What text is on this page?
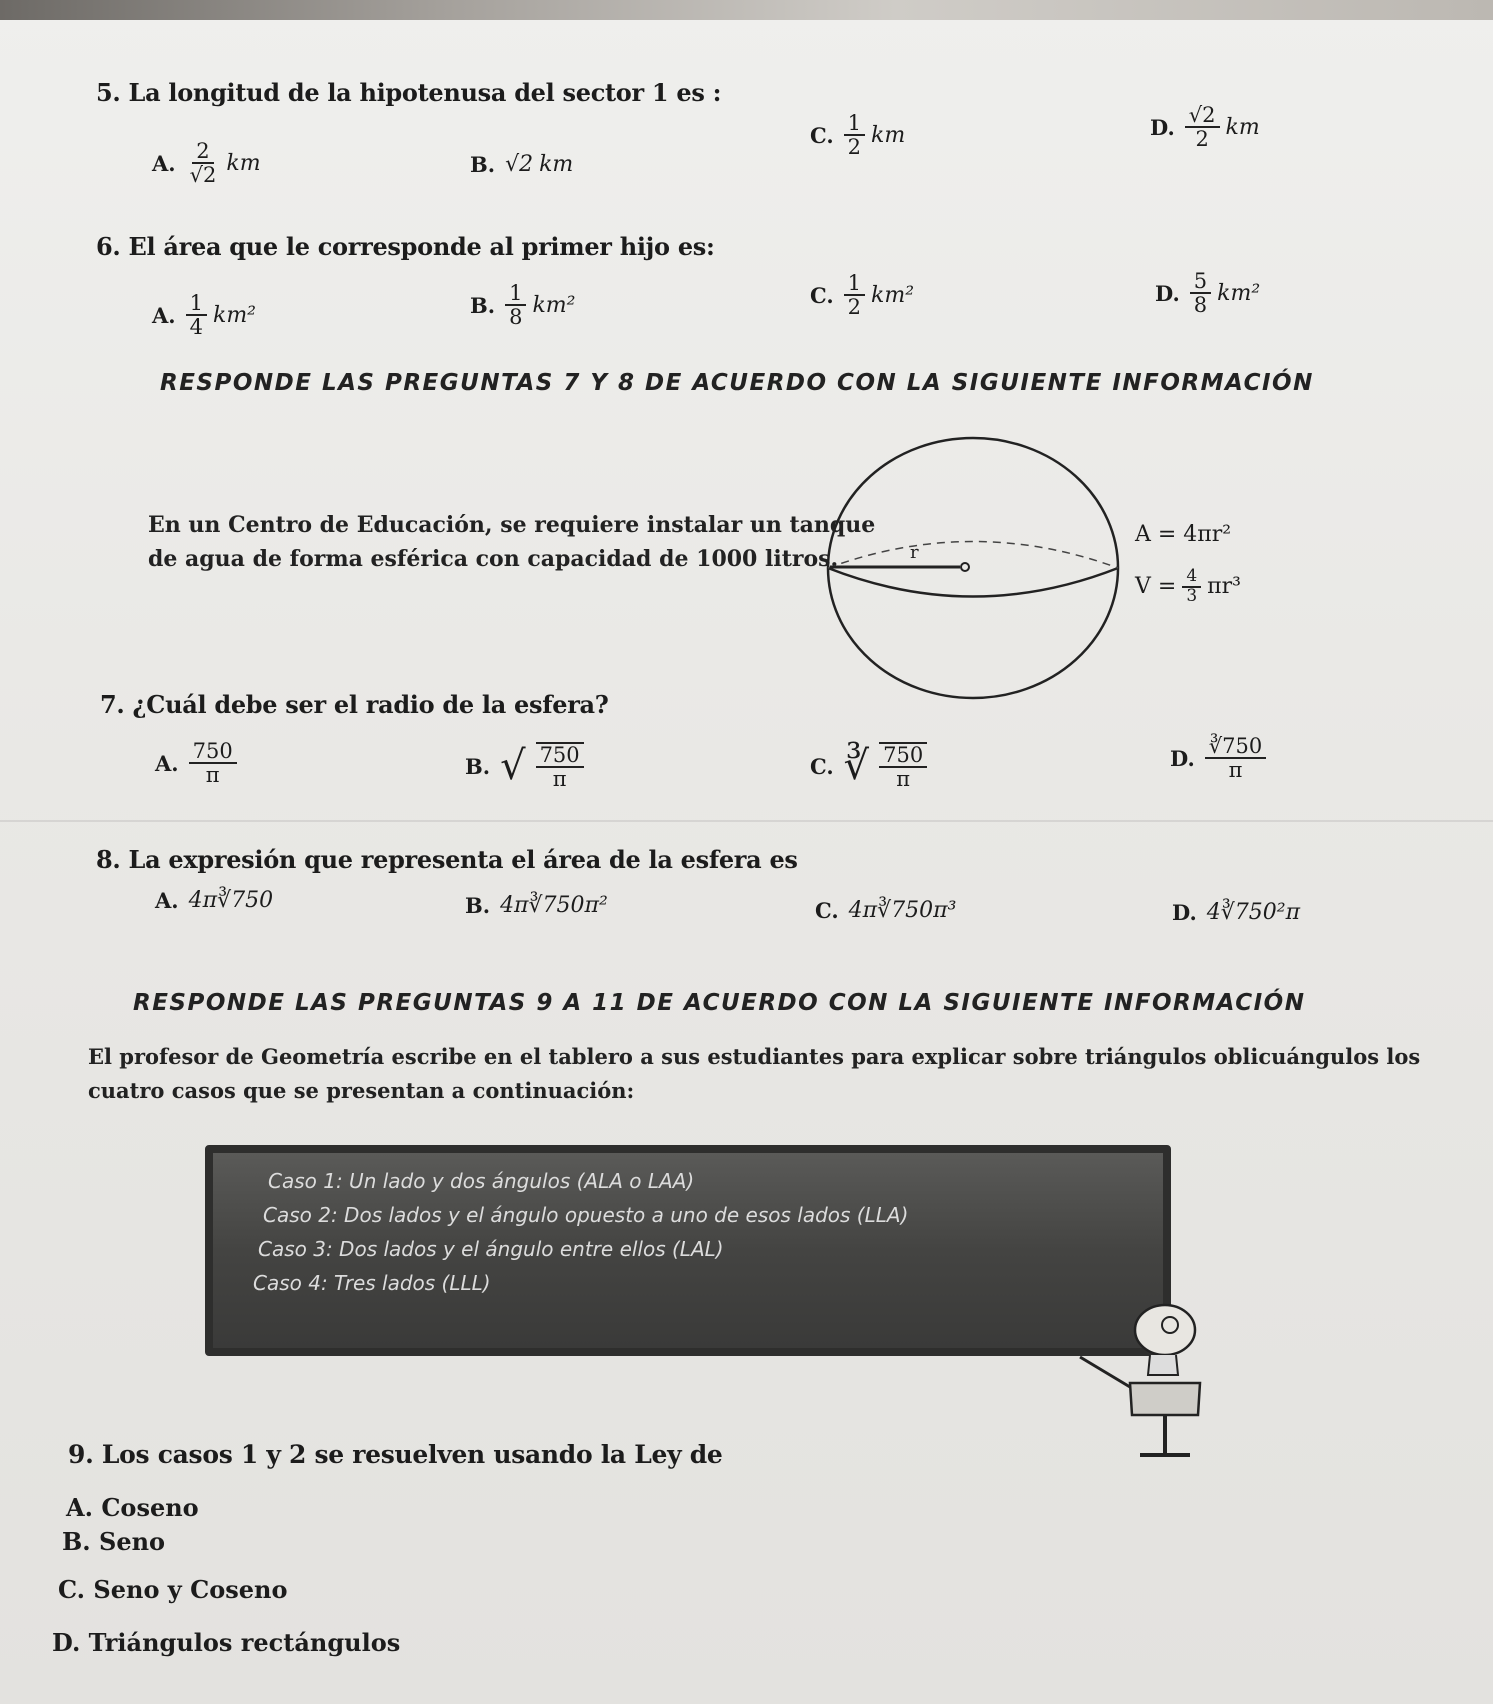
5. La longitud de la hipotenusa del sector 1 es :
A. $\frac{2}{√2}$ km	B. √2 km
C. $\frac{1}{2}$ km	D. $\frac{√2}{2}$ km
6. El área que le corresponde al primer hijo es:
A. $\frac{1}{4} km^2$	B. $\frac{1}{8} km^2$	C. $\frac{1}{2} km^2$	D. $\frac{5}{8} km^2$
RESPONDE LAS PREGUNTAS 7 Y 8 DE ACUERDO CON LA SIGUIENTE INFORMACIÓN
En un Centro de Educación, se requiere instalar un tanque
de agua de forma esférica con capacidad de 1000 litros.	r
A = 4πr²
$V = \frac{4}{3} \pi r^3$
7. ¿Cuál debe ser el radio de la esfera?
A. $\frac{750}{\pi}$	B. √ $\frac{750}{\pi}$	C. ∛ $\frac{750}{\pi}$	D. $\frac{∛750}{\pi}$
8. La expresión que representa el área de la esfera es
A. 4π∛750	B. 4π∛750π²	C. 4π∛750π³	D. 4∛750²π
RESPONDE LAS PREGUNTAS 9 A 11 DE ACUERDO CON LA SIGUIENTE INFORMACIÓN
El profesor de Geometría escribe en el tablero a sus estudiantes para explicar sobre triángulos oblicuángulos los
cuatro casos que se presentan a continuación:
Caso 1: Un lado y dos ángulos (ALA o LAA)
Caso 2: Dos lados y el ángulo opuesto a uno de esos lados (LLA)
Caso 3: Dos lados y el ángulo entre ellos (LAL)
Caso 4: Tres lados (LLL)
9. Los casos 1 y 2 se resuelven usando la Ley de
A. Coseno
B. Seno
C. Seno y Coseno
D. Triángulos rectángulos
